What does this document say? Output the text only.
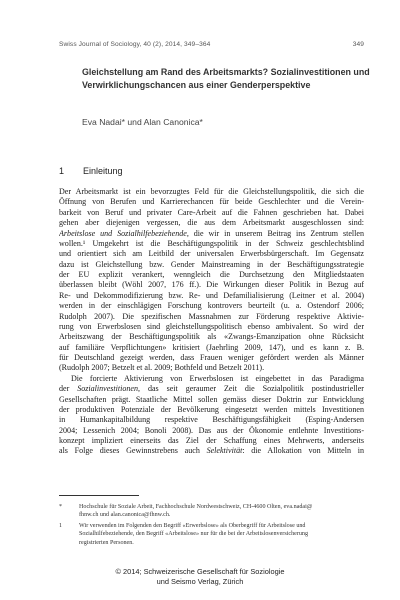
Swiss Journal of Sociology, 40 (2), 2014, 349–364	349
Gleichstellung am Rand des Arbeitsmarkts? Sozialinvestitionen und
Verwirklichungschancen aus einer Genderperspektive
Eva Nadai* und Alan Canonica*
1 Einleitung
Der Arbeitsmarkt ist ein bevorzugtes Feld für die Gleichstellungspolitik, die sich die
Öffnung von Berufen und Karrierechancen für beide Geschlechter und die Verein-
barkeit von Beruf und privater Care-Arbeit auf die Fahnen geschrieben hat. Dabei
gehen aber diejenigen vergessen, die aus dem Arbeitsmarkt ausgeschlossen sind:
Arbeitslose und Sozialhilfebeziehende, die wir in unserem Beitrag ins Zentrum stellen
wollen.¹ Umgekehrt ist die Beschäftigungspolitik in der Schweiz geschlechtsblind
und orientiert sich am Leitbild der universalen Erwerbsbürgerschaft. Im Gegensatz
dazu ist Gleichstellung bzw. Gender Mainstreaming in der Beschäftigungsstrategie
der EU explizit verankert, wenngleich die Durchsetzung den Mitgliedstaaten
überlassen bleibt (Wöhl 2007, 176 ff.). Die Wirkungen dieser Politik in Bezug auf
Re- und Dekommodifizierung bzw. Re- und Defamilialisierung (Leitner et al. 2004)
werden in der einschlägigen Forschung kontrovers beurteilt (u. a. Ostendorf 2006;
Rudolph 2007). Die spezifischen Massnahmen zur Förderung respektive Aktivie-
rung von Erwerbslosen sind gleichstellungspolitisch ebenso ambivalent. So wird der
Arbeitszwang der Beschäftigungspolitik als «Zwangs-Emanzipation ohne Rücksicht
auf familiäre Verpflichtungen» kritisiert (Jaehrling 2009, 147), und es kann z. B.
für Deutschland gezeigt werden, dass Frauen weniger gefördert werden als Männer
(Rudolph 2007; Betzelt et al. 2009; Bothfeld und Betzelt 2011).
Die forcierte Aktivierung von Erwerbslosen ist eingebettet in das Paradigma
der Sozialinvestitionen, das seit geraumer Zeit die Sozialpolitik postindustrieller
Gesellschaften prägt. Staatliche Mittel sollen gemäss dieser Doktrin zur Entwicklung
der produktiven Potenziale der Bevölkerung eingesetzt werden mittels Investitionen
in Humankapitalbildung respektive Beschäftigungsfähigkeit (Esping-Andersen
2004; Lessenich 2004; Bonoli 2008). Das aus der Ökonomie entlehnte Investitions-
konzept impliziert einerseits das Ziel der Schaffung eines Mehrwerts, anderseits
als Folge dieses Gewinnstrebens auch Selektivität: die Allokation von Mitteln in
*	Hochschule für Soziale Arbeit, Fachhochschule Nordwestschweiz, CH-4600 Olten, eva.nadai@
fhnw.ch und alan.canonica@fhnw.ch.
1	Wir verwenden im Folgenden den Begriff «Erwerbslose» als Oberbegriff für Arbeitslose und
Sozialhilfebeziehende, den Begriff «Arbeitslose» nur für die bei der Arbeitslosenversicherung
registrierten Personen.
© 2014; Schweizerische Gesellschaft für Soziologie
und Seismo Verlag, Zürich
